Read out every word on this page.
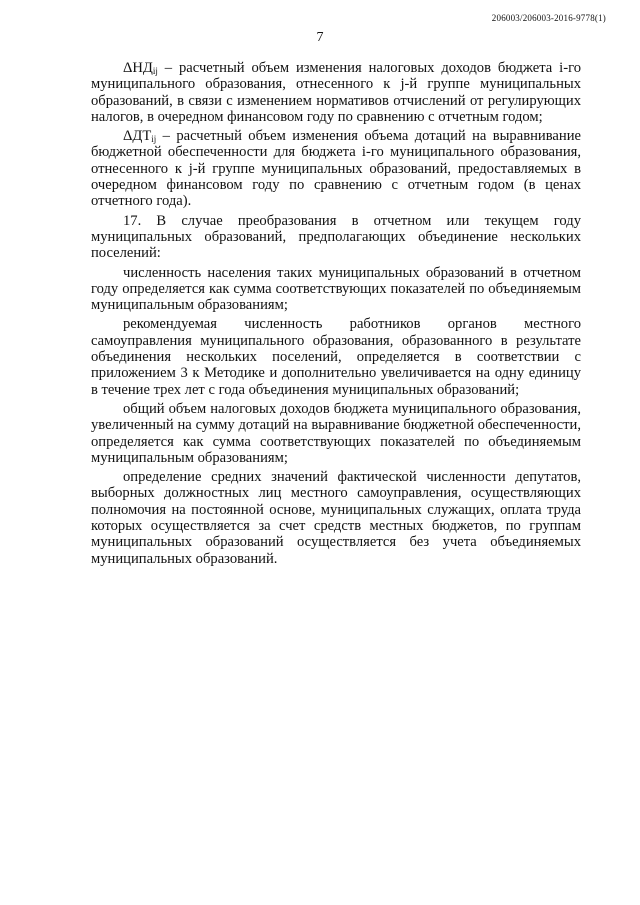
206003/206003-2016-9778(1)
7

$\Delta НД_{ij}$ – расчетный объем изменения налоговых доходов бюджета i-го муниципального образования, отнесенного к j-й группе муниципальных образований, в связи с изменением нормативов отчислений от регулирующих налогов, в очередном финансовом году по сравнению с отчетным годом;

$\Delta ДТ_{ij}$ – расчетный объем изменения объема дотаций на выравнивание бюджетной обеспеченности для бюджета i-го муниципального образования, отнесенного к j-й группе муниципальных образований, предоставляемых в очередном финансовом году по сравнению с отчетным годом (в ценах отчетного года).

17. В случае преобразования в отчетном или текущем году муниципальных образований, предполагающих объединение нескольких поселений:

численность населения таких муниципальных образований в отчетном году определяется как сумма соответствующих показателей по объединяемым муниципальным образованиям;

рекомендуемая численность работников органов местного самоуправления муниципального образования, образованного в результате объединения нескольких поселений, определяется в соответствии с приложением 3 к Методике и дополнительно увеличивается на одну единицу в течение трех лет с года объединения муниципальных образований;

общий объем налоговых доходов бюджета муниципального образования, увеличенный на сумму дотаций на выравнивание бюджетной обеспеченности, определяется как сумма соответствующих показателей по объединяемым муниципальным образованиям;

определение средних значений фактической численности депутатов, выборных должностных лиц местного самоуправления, осуществляющих полномочия на постоянной основе, муниципальных служащих, оплата труда которых осуществляется за счет средств местных бюджетов, по группам муниципальных образований осуществляется без учета объединяемых муниципальных образований.
